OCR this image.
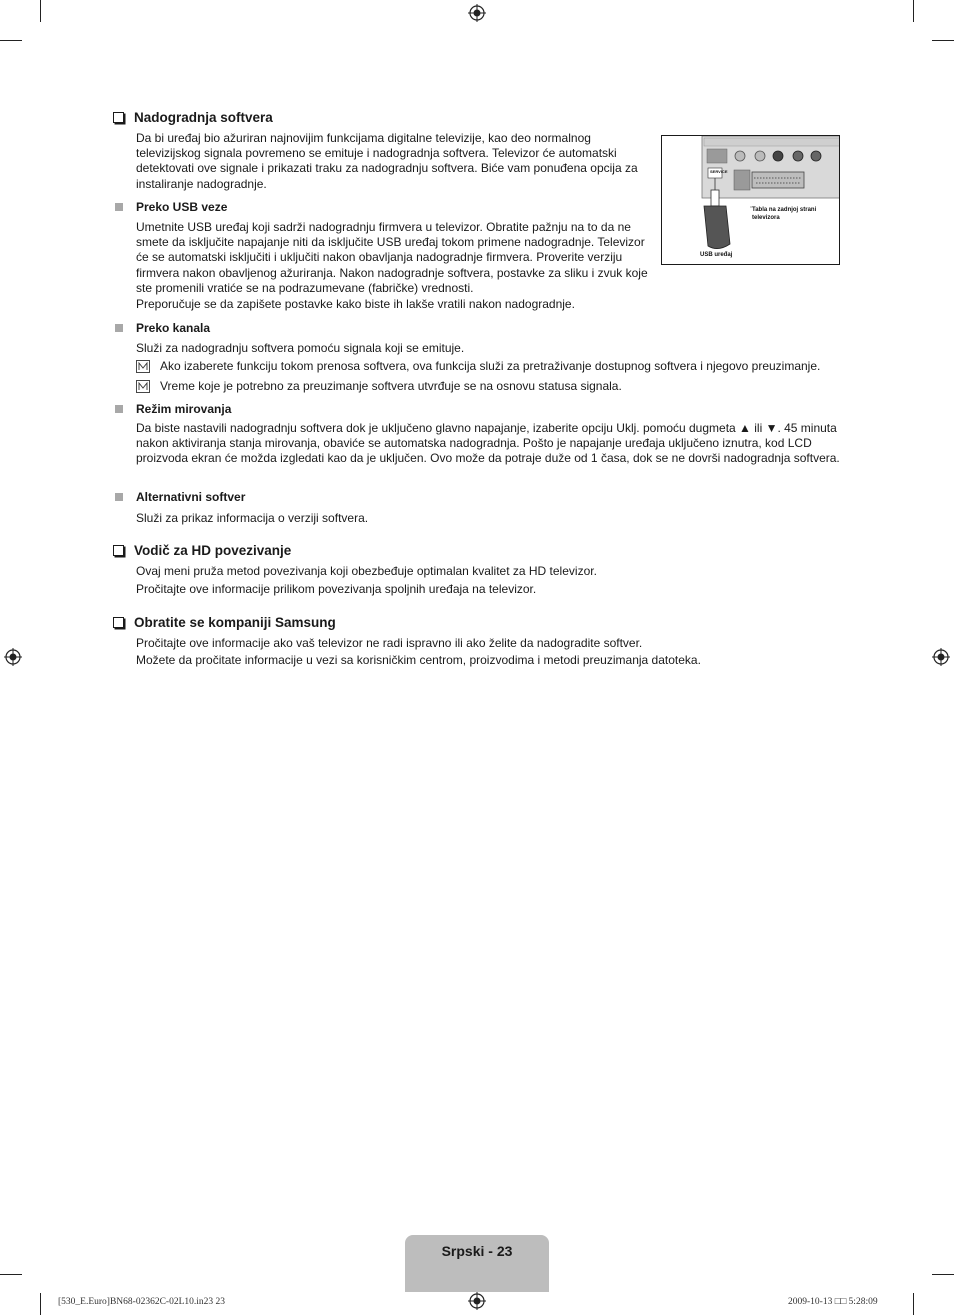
Nadogradnja softvera
Da bi uređaj bio ažuriran najnovijim funkcijama digitalne televizije, kao deo normalnog televizijskog signala povremeno se emituje i nadogradnja softvera. Televizor će automatski detektovati ove signale i prikazati traku za nadogradnju softvera. Biće vam ponuđena opcija za instaliranje nadogradnje.
SERVICE
Tabla na zadnjoj strani televizora
USB uređaj
Preko USB veze
Umetnite USB uređaj koji sadrži nadogradnju firmvera u televizor. Obratite pažnju na to da ne smete da isključite napajanje niti da isključite USB uređaj tokom primene nadogradnje. Televizor će se automatski isključiti i uključiti nakon obavljanja nadogradnje firmvera. Proverite verziju firmvera nakon obavljenog ažuriranja. Nakon nadogradnje softvera, postavke za sliku i zvuk koje ste promenili vratiće se na podrazumevane (fabričke) vrednosti.
Preporučuje se da zapišete postavke kako biste ih lakše vratili nakon nadogradnje.
Preko kanala
Služi za nadogradnju softvera pomoću signala koji se emituje.
Ako izaberete funkciju tokom prenosa softvera, ova funkcija služi za pretraživanje dostupnog softvera i njegovo preuzimanje.
Vreme koje je potrebno za preuzimanje softvera utvrđuje se na osnovu statusa signala.
Režim mirovanja
Da biste nastavili nadogradnju softvera dok je uključeno glavno napajanje, izaberite opciju Uklj. pomoću dugmeta ▲ ili ▼. 45 minuta nakon aktiviranja stanja mirovanja, obaviće se automatska nadogradnja. Pošto je napajanje uređaja uključeno iznutra, kod LCD proizvoda ekran će možda izgledati kao da je uključen. Ovo može da potraje duže od 1 časa, dok se ne dovrši nadogradnja softvera.
Alternativni softver
Služi za prikaz informacija o verziji softvera.
Vodič za HD povezivanje
Ovaj meni pruža metod povezivanja koji obezbeđuje optimalan kvalitet za HD televizor.
Pročitajte ove informacije prilikom povezivanja spoljnih uređaja na televizor.
Obratite se kompaniji Samsung
Pročitajte ove informacije ako vaš televizor ne radi ispravno ili ako želite da nadogradite softver.
Možete da pročitate informacije u vezi sa korisničkim centrom, proizvodima i metodi preuzimanja datoteka.
Srpski - 23
[530_E.Euro]BN68-02362C-02L10.in23 23	2009-10-13 □□ 5:28:09
